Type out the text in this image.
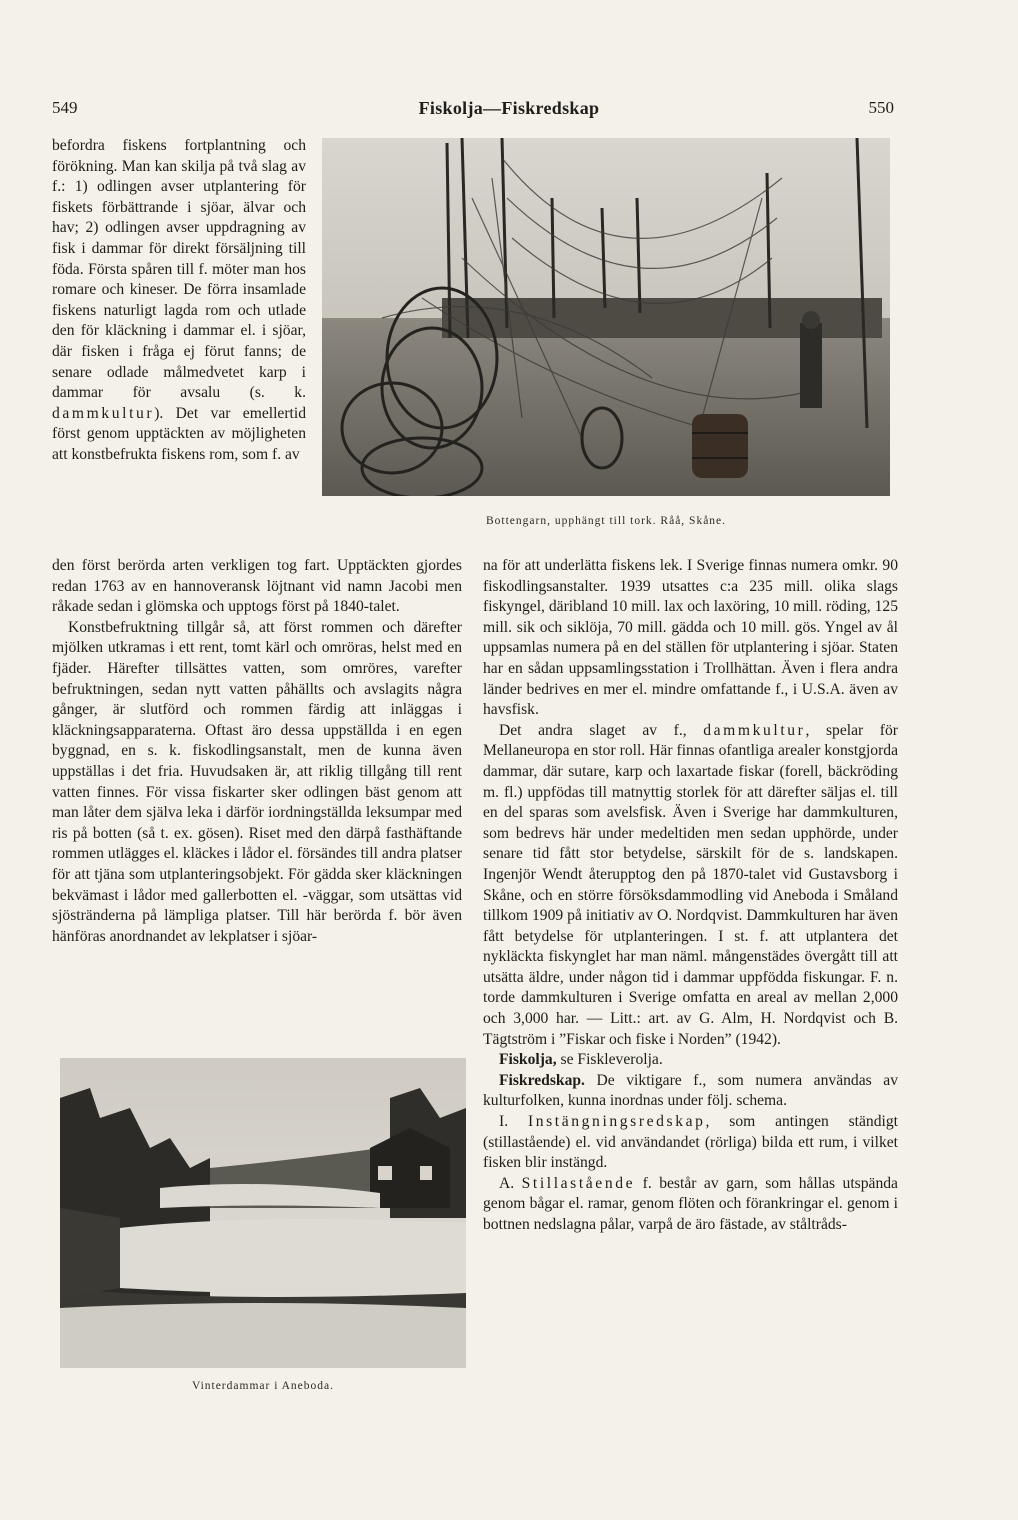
549	Fiskolja—Fiskredskap	550

befordra fiskens fortplantning och förökning. Man kan skilja på två slag av f.: 1) odlingen avser utplantering för fiskets förbättrande i sjöar, älvar och hav; 2) odlingen avser uppdragning av fisk i dammar för direkt försäljning till föda. Första spåren till f. möter man hos romare och kineser. De förra insamlade fiskens naturligt lagda rom och utlade den för kläckning i dammar el. i sjöar, där fisken i fråga ej förut fanns; de senare odlade målmedvetet karp i dammar för avsalu (s. k. dammkultur). Det var emellertid först genom upptäckten av möjligheten att konstbefrukta fiskens rom, som f. av

Bottengarn, upphängt till tork. Råå, Skåne.

den först berörda arten verkligen tog fart. Upptäckten gjordes redan 1763 av en hannoveransk löjtnant vid namn Jacobi men råkade sedan i glömska och upptogs först på 1840-talet.

Konstbefruktning tillgår så, att först rommen och därefter mjölken utkramas i ett rent, tomt kärl och omröras, helst med en fjäder. Härefter tillsättes vatten, som omröres, varefter befruktningen, sedan nytt vatten påhällts och avslagits några gånger, är slutförd och rommen färdig att inläggas i kläckningsapparaterna. Oftast äro dessa uppställda i en egen byggnad, en s. k. fiskodlingsanstalt, men de kunna även uppställas i det fria. Huvudsaken är, att riklig tillgång till rent vatten finnes. För vissa fiskarter sker odlingen bäst genom att man låter dem själva leka i därför iordningställda leksumpar med ris på botten (så t. ex. gösen). Riset med den därpå fasthäftande rommen utlägges el. kläckes i lådor el. försändes till andra platser för att tjäna som utplanteringsobjekt. För gädda sker kläckningen bekvämast i lådor med gallerbotten el. -väggar, som utsättas vid sjöstränderna på lämpliga platser. Till här berörda f. bör även hänföras anordnandet av lekplatser i sjöar-

Vinterdammar i Aneboda.

na för att underlätta fiskens lek. I Sverige finnas numera omkr. 90 fiskodlingsanstalter. 1939 utsattes c:a 235 mill. olika slags fiskyngel, däribland 10 mill. lax och laxöring, 10 mill. röding, 125 mill. sik och siklöja, 70 mill. gädda och 10 mill. gös. Yngel av ål uppsamlas numera på en del ställen för utplantering i sjöar. Staten har en sådan uppsamlingsstation i Trollhättan. Även i flera andra länder bedrives en mer el. mindre omfattande f., i U.S.A. även av havsfisk.

Det andra slaget av f., dammkultur, spelar för Mellaneuropa en stor roll. Här finnas ofantliga arealer konstgjorda dammar, där sutare, karp och laxartade fiskar (forell, bäckröding m. fl.) uppfödas till matnyttig storlek för att därefter säljas el. till en del sparas som avelsfisk. Även i Sverige har dammkulturen, som bedrevs här under medeltiden men sedan upphörde, under senare tid fått stor betydelse, särskilt för de s. landskapen. Ingenjör Wendt återupptog den på 1870-talet vid Gustavsborg i Skåne, och en större försöksdammodling vid Aneboda i Småland tillkom 1909 på initiativ av O. Nordqvist. Dammkulturen har även fått betydelse för utplanteringen. I st. f. att utplantera det nykläckta fiskynglet har man näml. mångenstädes övergått till att utsätta äldre, under någon tid i dammar uppfödda fiskungar. F. n. torde dammkulturen i Sverige omfatta en areal av mellan 2,000 och 3,000 har. — Litt.: art. av G. Alm, H. Nordqvist och B. Tägtström i ”Fiskar och fiske i Norden” (1942).

Fiskolja, se Fiskleverolja.

Fiskredskap. De viktigare f., som numera användas av kulturfolken, kunna inordnas under följ. schema.

I. Instängningsredskap, som antingen ständigt (stillastående) el. vid användandet (rörliga) bilda ett rum, i vilket fisken blir instängd.

A. Stillastående f. består av garn, som hållas utspända genom bågar el. ramar, genom flöten och förankringar el. genom i bottnen nedslagna pålar, varpå de äro fästade, av ståltråds-
